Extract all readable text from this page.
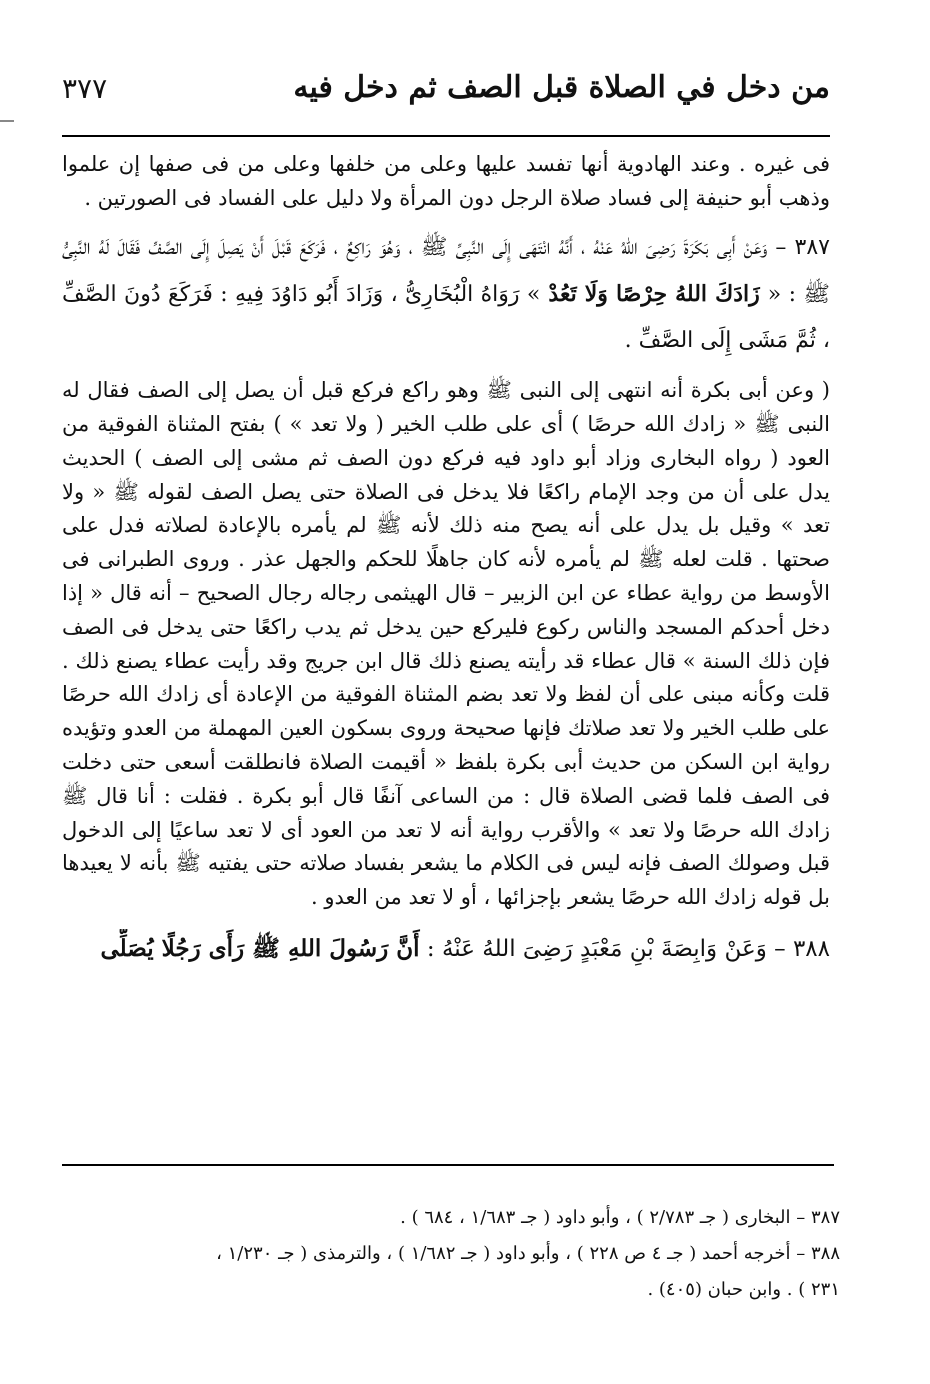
من دخل في الصلاة قبل الصف ثم دخل فيه
٣٧٧

فى غيره . وعند الهادوية أنها تفسد عليها وعلى من خلفها وعلى من فى صفها إن علموا وذهب أبو حنيفة إلى فساد صلاة الرجل دون المرأة ولا دليل على الفساد فى الصورتين .

٣٨٧ – وَعَنْ أَبِى بَكَرَةَ رَضِىَ اللهُ عَنْهُ ، أَنَّهُ انْتَهَى إِلَى النَّبِىِّ ﷺ ، وَهُوَ رَاكِعٌ ، فَرَكَعَ قَبْلَ أَنْ يَصِلَ إِلَى الصَّفِّ فَقَالَ لَهُ النَّبِىُّ ﷺ : « زَادَكَ اللهُ حِرْصًا وَلَا تَعُدْ » رَوَاهُ الْبُخَارِىُّ ، وَزَادَ أَبُو دَاوُدَ فِيهِ : فَرَكَعَ دُونَ الصَّفِّ ، ثُمَّ مَشَى إِلَى الصَّفِّ .

( وعن أبى بكرة أنه انتهى إلى النبى ﷺ وهو راكع فركع قبل أن يصل إلى الصف فقال له النبى ﷺ « زادك الله حرصًا ) أى على طلب الخير ( ولا تعد » ) بفتح المثناة الفوقية من العود ( رواه البخارى وزاد أبو داود فيه فركع دون الصف ثم مشى إلى الصف ) الحديث يدل على أن من وجد الإمام راكعًا فلا يدخل فى الصلاة حتى يصل الصف لقوله ﷺ « ولا تعد » وقيل بل يدل على أنه يصح منه ذلك لأنه ﷺ لم يأمره بالإعادة لصلاته فدل على صحتها . قلت لعله ﷺ لم يأمره لأنه كان جاهلًا للحكم والجهل عذر . وروى الطبرانى فى الأوسط من رواية عطاء عن ابن الزبير – قال الهيثمى رجاله رجال الصحيح – أنه قال « إذا دخل أحدكم المسجد والناس ركوع فليركع حين يدخل ثم يدب راكعًا حتى يدخل فى الصف فإن ذلك السنة » قال عطاء قد رأيته يصنع ذلك قال ابن جريج وقد رأيت عطاء يصنع ذلك . قلت وكأنه مبنى على أن لفظ ولا تعد بضم المثناة الفوقية من الإعادة أى زادك الله حرصًا على طلب الخير ولا تعد صلاتك فإنها صحيحة وروى بسكون العين المهملة من العدو وتؤيده رواية ابن السكن من حديث أبى بكرة بلفظ « أقيمت الصلاة فانطلقت أسعى حتى دخلت فى الصف فلما قضى الصلاة قال : من الساعى آنفًا قال أبو بكرة . فقلت : أنا قال ﷺ زادك الله حرصًا ولا تعد » والأقرب رواية أنه لا تعد من العود أى لا تعد ساعيًا إلى الدخول قبل وصولك الصف فإنه ليس فى الكلام ما يشعر بفساد صلاته حتى يفتيه ﷺ بأنه لا يعيدها بل قوله زادك الله حرصًا يشعر بإجزائها ، أو لا تعد من العدو .

٣٨٨ – وَعَنْ وَابِصَةَ بْنِ مَعْبَدٍ رَضِىَ اللهُ عَنْهُ : أَنَّ رَسُولَ اللهِ ﷺ رَأَى رَجُلًا يُصَلِّى

٣٨٧ – البخارى ( جـ ٢/٧٨٣ ) ، وأبو داود ( جـ ١/٦٨٣ ، ٦٨٤ ) .

٣٨٨ – أخرجه أحمد ( جـ ٤ ص ٢٢٨ ) ، وأبو داود ( جـ ١/٦٨٢ ) ، والترمذى ( جـ ١/٢٣٠ ،
٢٣١ ) . وابن حبان (٤٠٥) .
